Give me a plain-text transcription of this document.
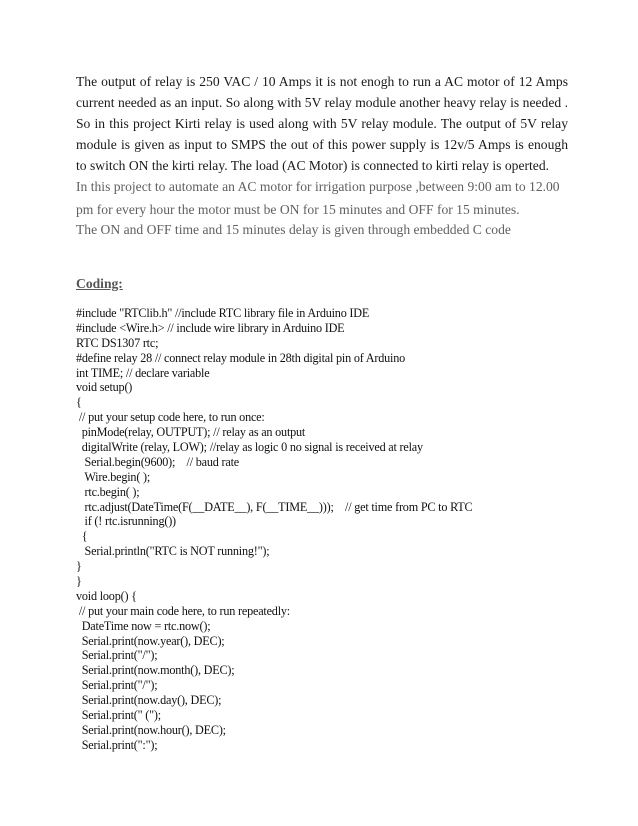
The output of relay is 250 VAC / 10 Amps it is not enogh to run a AC motor of 12 Amps current needed as an input. So along with 5V relay module another heavy relay is needed . So in this project Kirti relay is used along with 5V relay module. The output of 5V relay module is given as input to SMPS the out of this power supply is 12v/5 Amps is enough to switch ON the kirti relay. The load (AC Motor) is connected to kirti relay is operted.
In this project to automate an AC motor for irrigation purpose ,between 9:00 am to 12.00 pm for every hour the motor must be ON for 15 minutes and OFF for 15 minutes.
The ON and OFF time and 15 minutes delay is given through embedded C code
Coding:
#include "RTClib.h" //include RTC library file in Arduino IDE
#include <Wire.h> // include wire library in Arduino IDE
RTC DS1307 rtc;
#define relay 28 // connect relay module in 28th digital pin of Arduino
int TIME; // declare variable
void setup()
{
// put your setup code here, to run once:
pinMode(relay, OUTPUT); // relay as an output
digitalWrite (relay, LOW); //relay as logic 0 no signal is received at relay
Serial.begin(9600);    // baud rate
Wire.begin( );
rtc.begin( );
rtc.adjust(DateTime(F(__DATE__), F(__TIME__)));    // get time from PC to RTC
if (! rtc.isrunning())
{
Serial.println("RTC is NOT running!");
}
}
void loop() {
// put your main code here, to run repeatedly:
DateTime now = rtc.now();
Serial.print(now.year(), DEC);
Serial.print("/");
Serial.print(now.month(), DEC);
Serial.print("/");
Serial.print(now.day(), DEC);
Serial.print(" (");
Serial.print(now.hour(), DEC);
Serial.print(":");
